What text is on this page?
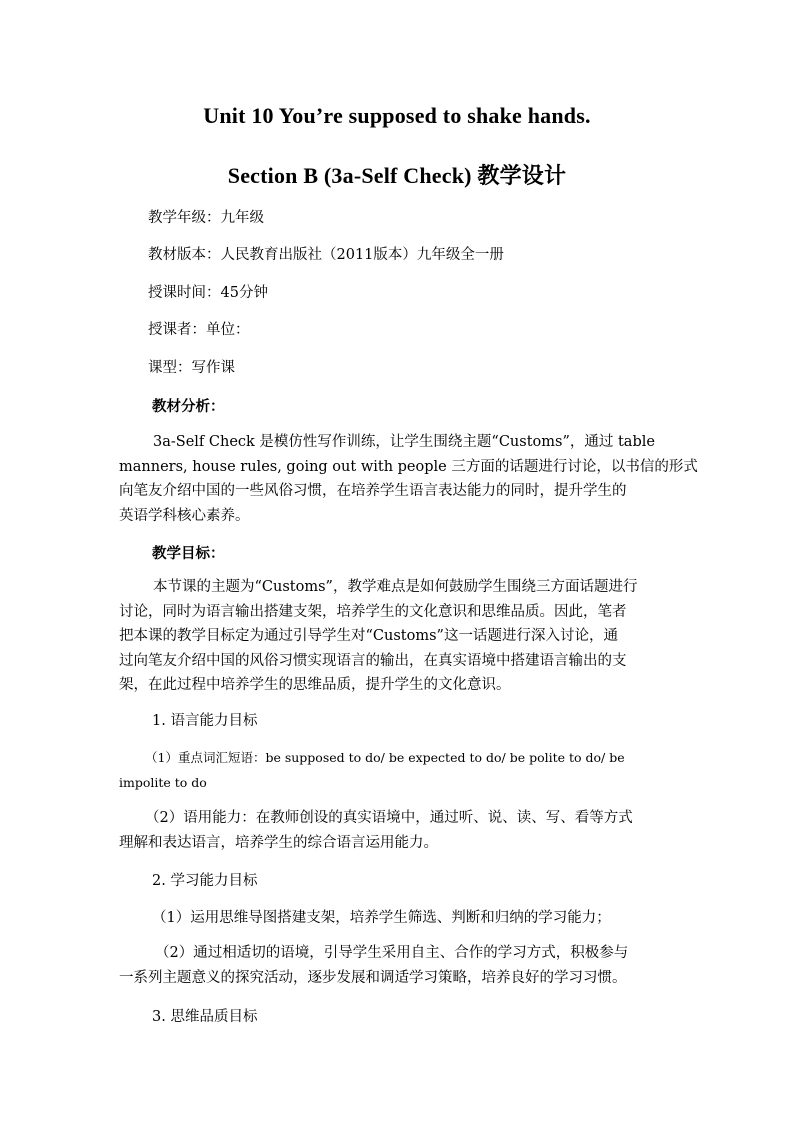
Unit 10 You’re supposed to shake hands.
Section B (3a-Self Check) 教学设计
教学年级：九年级
教材版本：人民教育出版社（2011版本）九年级全一册
授课时间：45分钟
授课者：单位：
课型：写作课
教材分析：
3a-Self Check 是模仿性写作训练，让学生围绕主题“Customs”，通过 table
manners, house rules, going out with people 三方面的话题进行讨论，以书信的形式
向笔友介绍中国的一些风俗习惯，在培养学生语言表达能力的同时，提升学生的
英语学科核心素养。
教学目标：
本节课的主题为“Customs”，教学难点是如何鼓励学生围绕三方面话题进行
讨论，同时为语言输出搭建支架，培养学生的文化意识和思维品质。因此，笔者
把本课的教学目标定为通过引导学生对“Customs”这一话题进行深入讨论，通
过向笔友介绍中国的风俗习惯实现语言的输出，在真实语境中搭建语言输出的支
架，在此过程中培养学生的思维品质，提升学生的文化意识。
1. 语言能力目标
（1）重点词汇短语：be supposed to do/ be expected to do/ be polite to do/ be
impolite to do
（2）语用能力：在教师创设的真实语境中，通过听、说、读、写、看等方式
理解和表达语言，培养学生的综合语言运用能力。
2. 学习能力目标
（1）运用思维导图搭建支架，培养学生筛选、判断和归纳的学习能力；
（2）通过相适切的语境，引导学生采用自主、合作的学习方式，积极参与
一系列主题意义的探究活动，逐步发展和调适学习策略，培养良好的学习习惯。
3. 思维品质目标
